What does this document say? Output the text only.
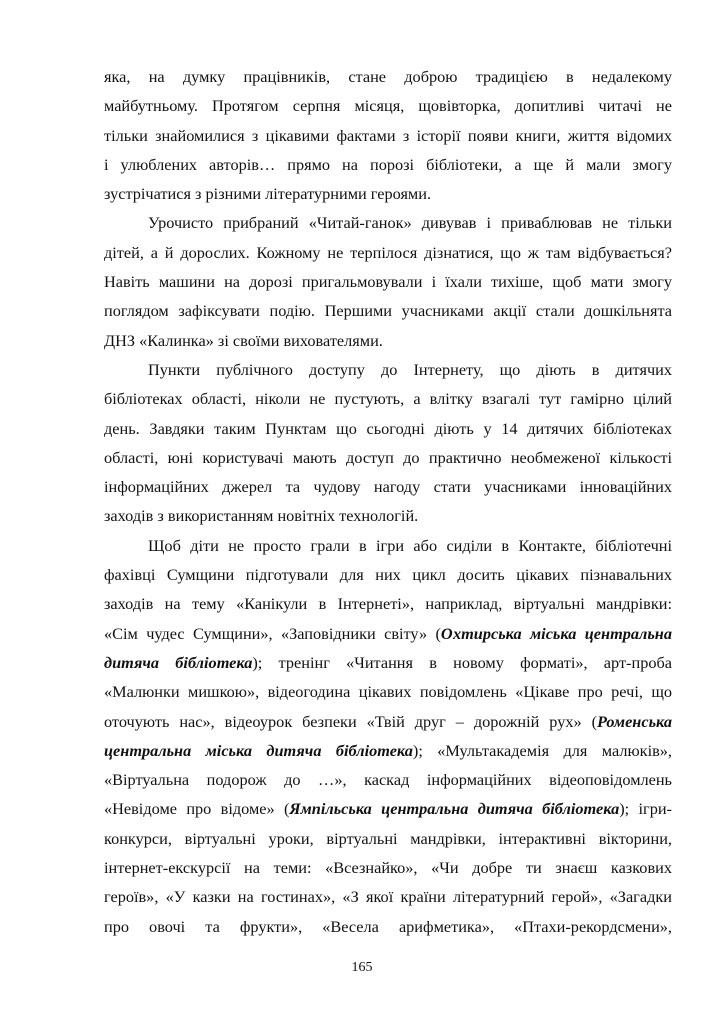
яка, на думку працівників, стане доброю традицією в недалекому
майбутньому. Протягом серпня місяця, щовівторка, допитливі читачі не
тільки знайомилися з цікавими фактами з історії появи книги, життя відомих
і улюблених авторів… прямо на порозі бібліотеки, а ще й мали змогу
зустрічатися з різними літературними героями.
Урочисто прибраний «Читай-ганок» дивував і приваблював не тільки
дітей, а й дорослих. Кожному не терпілося дізнатися, що ж там відбувається?
Навіть машини на дорозі пригальмовували і їхали тихіше, щоб мати змогу
поглядом зафіксувати подію. Першими учасниками акції стали дошкільнята
ДНЗ «Калинка» зі своїми вихователями.
Пункти публічного доступу до Інтернету, що діють в дитячих
бібліотеках області, ніколи не пустують, а влітку взагалі тут гамірно цілий
день. Завдяки таким Пунктам що сьогодні діють у 14 дитячих бібліотеках
області, юні користувачі мають доступ до практично необмеженої кількості
інформаційних джерел та чудову нагоду стати учасниками інноваційних
заходів з використанням новітніх технологій.
Щоб діти не просто грали в ігри або сиділи в Контакте, бібліотечні
фахівці Сумщини підготували для них цикл досить цікавих пізнавальних
заходів на тему «Канікули в Інтернеті», наприклад, віртуальні мандрівки:
«Сім чудес Сумщини», «Заповідники світу» (Охтирська міська центральна
дитяча бібліотека); тренінг «Читання в новому форматі», арт-проба
«Малюнки мишкою», відеогодина цікавих повідомлень «Цікаве про речі, що
оточують нас», відеоурок безпеки «Твій друг – дорожній рух» (Роменська
центральна міська дитяча бібліотека); «Мультакадемія для малюків»,
«Віртуальна подорож до …», каскад інформаційних відеоповідомлень
«Невідоме про відоме» (Ямпільська центральна дитяча бібліотека); ігри-
конкурси, віртуальні уроки, віртуальні мандрівки, інтерактивні вікторини,
інтернет-екскурсії на теми: «Всезнайко», «Чи добре ти знаєш казкових
героїв», «У казки на гостинах», «З якої країни літературний герой», «Загадки
про овочі та фрукти», «Весела арифметика», «Птахи-рекордсмени»,
165
